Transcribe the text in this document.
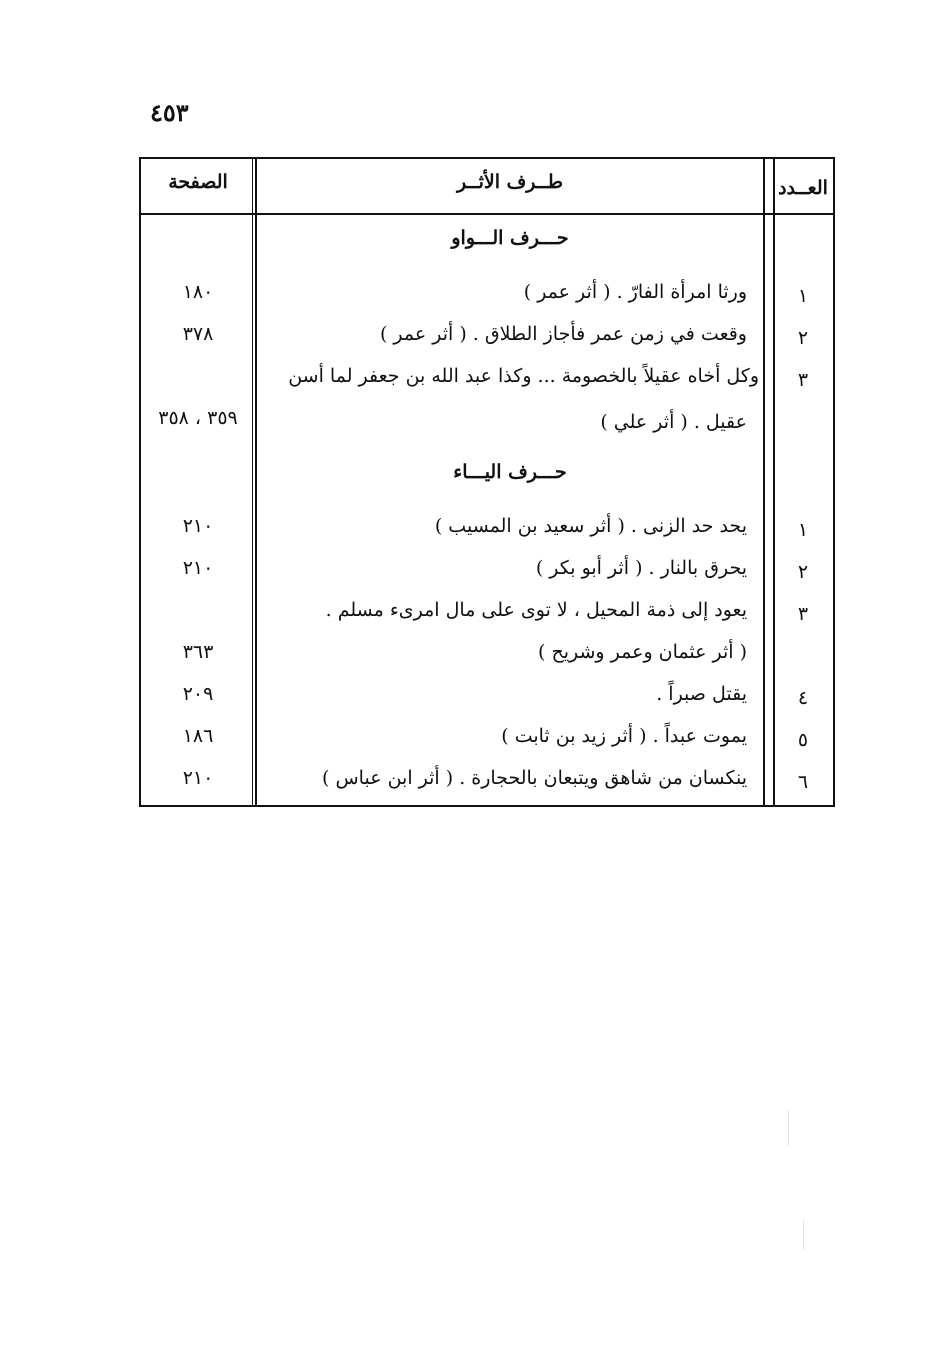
٤٥٣
العــدد
طــرف الأثــر
الصفحة
حـــرف الـــواو
١
ورثا امرأة الفارّ . ( أثر عمر )
١٨٠
٢
وقعت في زمن عمر فأجاز الطلاق . ( أثر عمر )
٣٧٨
٣
وكل أخاه عقيلاً بالخصومة ... وكذا عبد الله بن جعفر لما أسن
عقيل . ( أثر علي )
٣٥٩ ، ٣٥٨
حـــرف اليـــاء
١
يحد حد الزنى . ( أثر سعيد بن المسيب )
٢١٠
٢
يحرق بالنار . ( أثر أبو بكر )
٢١٠
٣
يعود إلى ذمة المحيل ، لا توى على مال امرىء مسلم .
( أثر عثمان وعمر وشريح )
٣٦٣
٤
يقتل صبراً .
٢٠٩
٥
يموت عبداً . ( أثر زيد بن ثابت )
١٨٦
٦
ينكسان من شاهق ويتبعان بالحجارة . ( أثر ابن عباس )
٢١٠
